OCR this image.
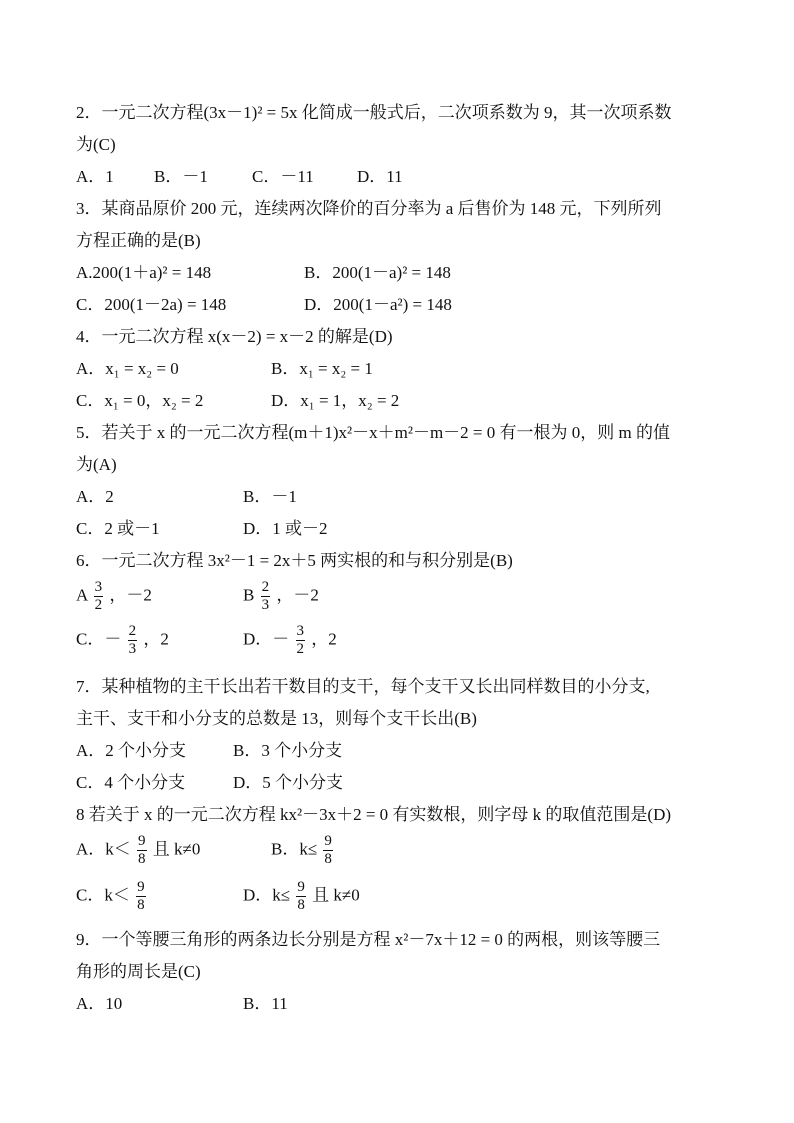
2．一元二次方程(3x－1)² = 5x 化简成一般式后，二次项系数为 9，其一次项系数
为(C)
A．1 B．－1	C．－11	D．11
3．某商品原价 200 元，连续两次降价的百分率为 a 后售价为 148 元，下列所列
方程正确的是(B)
A.200(1＋a)² = 148	B．200(1－a)² = 148
C．200(1－2a) = 148	D．200(1－a²) = 148
4．一元二次方程 x(x－2) = x－2 的解是(D)
A．x₁ = x₂ = 0	B．x₁ = x₂ = 1
C．x₁ = 0，x₂ = 2	D．x₁ = 1，x₂ = 2
5．若关于 x 的一元二次方程(m＋1)x²－x＋m²－m－2 = 0 有一根为 0，则 m 的值
为(A)
A．2	B．－1
C．2 或－1	D．1 或－2
6．一元二次方程 3x²－1 = 2x＋5 两实根的和与积分别是(B)
A $\frac{3}{2}$ ，－2	B $\frac{2}{3}$ ，－2
C．－ $\frac{2}{3}$ ，2	D．－ $\frac{3}{2}$ ，2
7．某种植物的主干长出若干数目的支干，每个支干又长出同样数目的小分支,
主干、支干和小分支的总数是 13，则每个支干长出(B)
A．2 个小分支	B．3 个小分支
C．4 个小分支	D．5 个小分支
8 若关于 x 的一元二次方程 kx²－3x＋2 = 0 有实数根，则字母 k 的取值范围是(D)
A．$k< \frac{9}{8}$ 且 k≠0	B．$k\le \frac{9}{8}$
C．$k< \frac{9}{8}$	D．$k\le \frac{9}{8}$ 且 k≠0
9．一个等腰三角形的两条边长分别是方程 x²－7x＋12 = 0 的两根，则该等腰三
角形的周长是(C)
A．10	B．11
